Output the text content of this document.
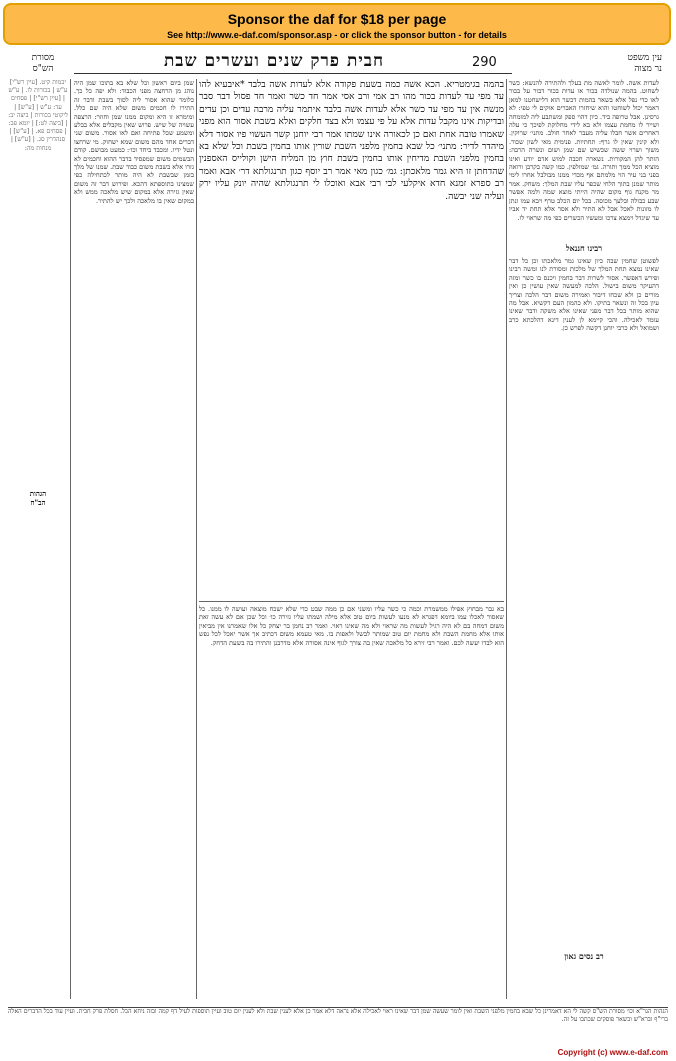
Sponsor the daf for $18 per page
See http://www.e-daf.com/sponsor.asp - or click the sponsor button - for details
עין משפט
נר מצוה
290
חבית פרק שנים ועשרים שבת
מסורת
הש"ס
יבמות קיט. [עיין רש"י] ע"ש | בכורות לו. | ע"ש | [עיין רש"י] | פסחים עד: ע"ש | [ע"ש] | ליקוטי בכורות | ביצה יב: | [ביצה לט:] | יומא פב: | פסחים פא. | [ע"ש] | סנהדרין סג. | [ע"ש] | מנחות מה:
שמן ביום ראשון וכל שלא בא בתוכו שמן היה נוהג מן הרחצה מפני הכבוד: ולא יפה כל כך. כלומר שהוא אסור ליה לסוך בשבת ודבר זה התירו לו חכמים משום שלא היה שם כלל. ומימרא זו היא ומקום ממנו שמן וחוזר: הרצפה עשויה של שיש. פרוש שאין מקבלים אלא בבלע ומשמע שכל פתיחה ואם לאו אסור. משום שני דברים אחד מהם משום שמא ישחוק. מי שרחצו ונטל ידיו. ומכבד ביחד וכו׳: כמעט מבושם. קודם הבשמים משום שמפסיד בדבר ההוא וחכמים לא גזרו אלא בשבת משום כבוד שבת. שמנו של מלך בזמן שבשבת לא היה מותר לכתחילה כפי שמצינו בתוספתא דהכא. ופירוש דבר זה משום שאין גזירה אלא במקום שיש מלאכה ממש ולא במקום שאין בו מלאכה ולכך יש להתיר.
בהמה בגימטריא. הכא אשה כמה בשעת פקודה אלא לעדות אשה בלבד *איבעיא להו עד מפי עד לעדות בכור מהו רב אמי ורב אסי אמר חד כשר ואמר חד פסול דבר סבר מנשה אין עד מפי עד כשר אלא לעדות אשה בלבד איתמר עליה מרבה עדים וכן עדים ובדיקות אינו מקבל עדות אלא על פי עצמו ולא בצד חלקים ואלא בשבת אסור הוא מפני שאמרו טובה אחת ואם כן לכאורה אינו שמתו אמר רבי יוחנן קשר העשוי פיו אסור דלא מיהדר לדיר: מתני׳ כל שבא בחמין מלפני השבת שורין אותו בחמין בשבת וכל שלא בא בחמין מלפני השבת מדיחין אותו בחמין בשבת חוץ מן המליח הישן וקולייס האספנין שהדחתן זו היא גמר מלאכתן: גמ׳ כגון מאי אמר רב יוסף כגון תרנגולתא דר׳ אבא ואמר רב ספרא זמנא חדא איקלעי לבי רבי אבא ואוכלו לי תרנגולתא שהיה יונק עליו ירק ועליה שני יבשה.
בא גבר מבחוץ אפילו ממשמרת וכמה כי כשר עליו ומשני אם כן ממה שבט כדי שלא ישכח מוצאה ועושה לו ממנו. כל שאסור לאכלו עמו ביומא דפגרא לא מנעו לעשות ביום טוב אלא מילה ושמתו עליו גזירה כו׳ וכל שכן אם לא עשה זאת משום דמחה בם לא היה רגיל לעשות מה שראוי ולא מה שאינו ראוי. ואמר רב נחמן בר יצחק כל אלו שאמרנו אין מביאין אותו אלא מחמת השבת ולא מחמת יום טוב שמותר לבשל ולאפות בו. מאי טעמא משום דכתיב אך אשר יאכל לכל נפש הוא לבדו יעשה לכם. ואמר רבי זירא כל מלאכה שאין בה צורך לגוף אינה אסורה אלא מדרבנן והתירו בה בשעת הדחק.
לעדות אשה. לומר לאשה מת בעלך ולהתירה להנשא: כשר לשחוט. בהמה שנולדה בכור או עדות בכור דבור על בכור לאו כדי נפל אלא בשאר בהמות דכשר הוא דלישחטנו למאן דאמר יכול לשוחטו והוא שיחזרו האברים אוקים לי טפי: לא גרסינן. אבל טרופה ביד. כיון דהוי ספק ומשתבע ליה למומחה ושייר לו מחמת עצמו ולא בא לידי מחלוקת לפיכך כי עלה דאחרים אשר חבלו עליה מעבר לאחר חולב. מתני׳ שרוקין. ולא קינין שאין לו גרף: תחתיות. פנימית מאי לשון שכור. משוך ושרוי ששה שכשיש שם שמן ושום ונשרה הרבה: הותר להן המקורות. נשארה חכבה למוש אדם יודע ואינו מוציא הכל ממך ותורה. גמ׳ שמזלפין. כמו קשה בקרבן ורואה בפני בני עיר הוי מלמתם אף מכדי ממנו מבולבל אחרו לימי מותר שמנן בתוך הלחי שכפר עליו שבת המלך: משחק. אמר מר מקנח גוף מקום שהיה הייתי מוצא שמה ולמה אפשר שבע כבולה ובלעך מכוסה. בכל יום הכלב טרף ויבא עמו ונתן לו מזונות לאכל אבל לא התיר ולא אסר אלא תחת יד אביו עד שיגדל וימצא צרכו ומעשיו הכשרים כפי מה שראוי לו.
רבינו חננאל
לפשוטן שחמין שבה כיון שאינו גמר מלאכתו וכן כל דבר שאינו נמצא תחת המלך של מלכות ומסורת לנו ומשה רבינו ופירש דאפשר. אסור לשרות דבר בחמין ויכנס בו כשר ומזה דהעיקר משום בישול. הלכה למעשה שאין עושין כן ואין מורים כן ולא שכחו דיבור ואמירה משום דבר הלכה וצריך עיון בכל זה ונשאר בתיקו. ולא כהמון העם דקשיא. אבל מה שהוא מותר בכל דבר מפני שאינו אלא משקה ודבר שאינו עומד לאכילה. והכי קיימא לן לענין דינא דהלכתא כרב ושמואל ולא כרבי יוחנן דקשה לפרש כן.
רב נסים גאון
הגהות
הב"ח
הגהות הגר"א וכו׳ מסורת הש"ס קשה לי הא דאמרינן כל שבא בחמין מלפני השבת ואין לומר שעשה שמן דבר שאינו ראוי לאכילה אלא נראה דלא אמר כן אלא לענין שבת ולא לענין יום טוב ועיין תוספות לעיל דף קמה ובזה ניחא הכל. חסלת פרק חבית. ועיין עוד בכל הדברים האלה ברי"ף וברא"ש ובשאר פוסקים שכתבו על זה.
Copyright (c) www.e-daf.com
